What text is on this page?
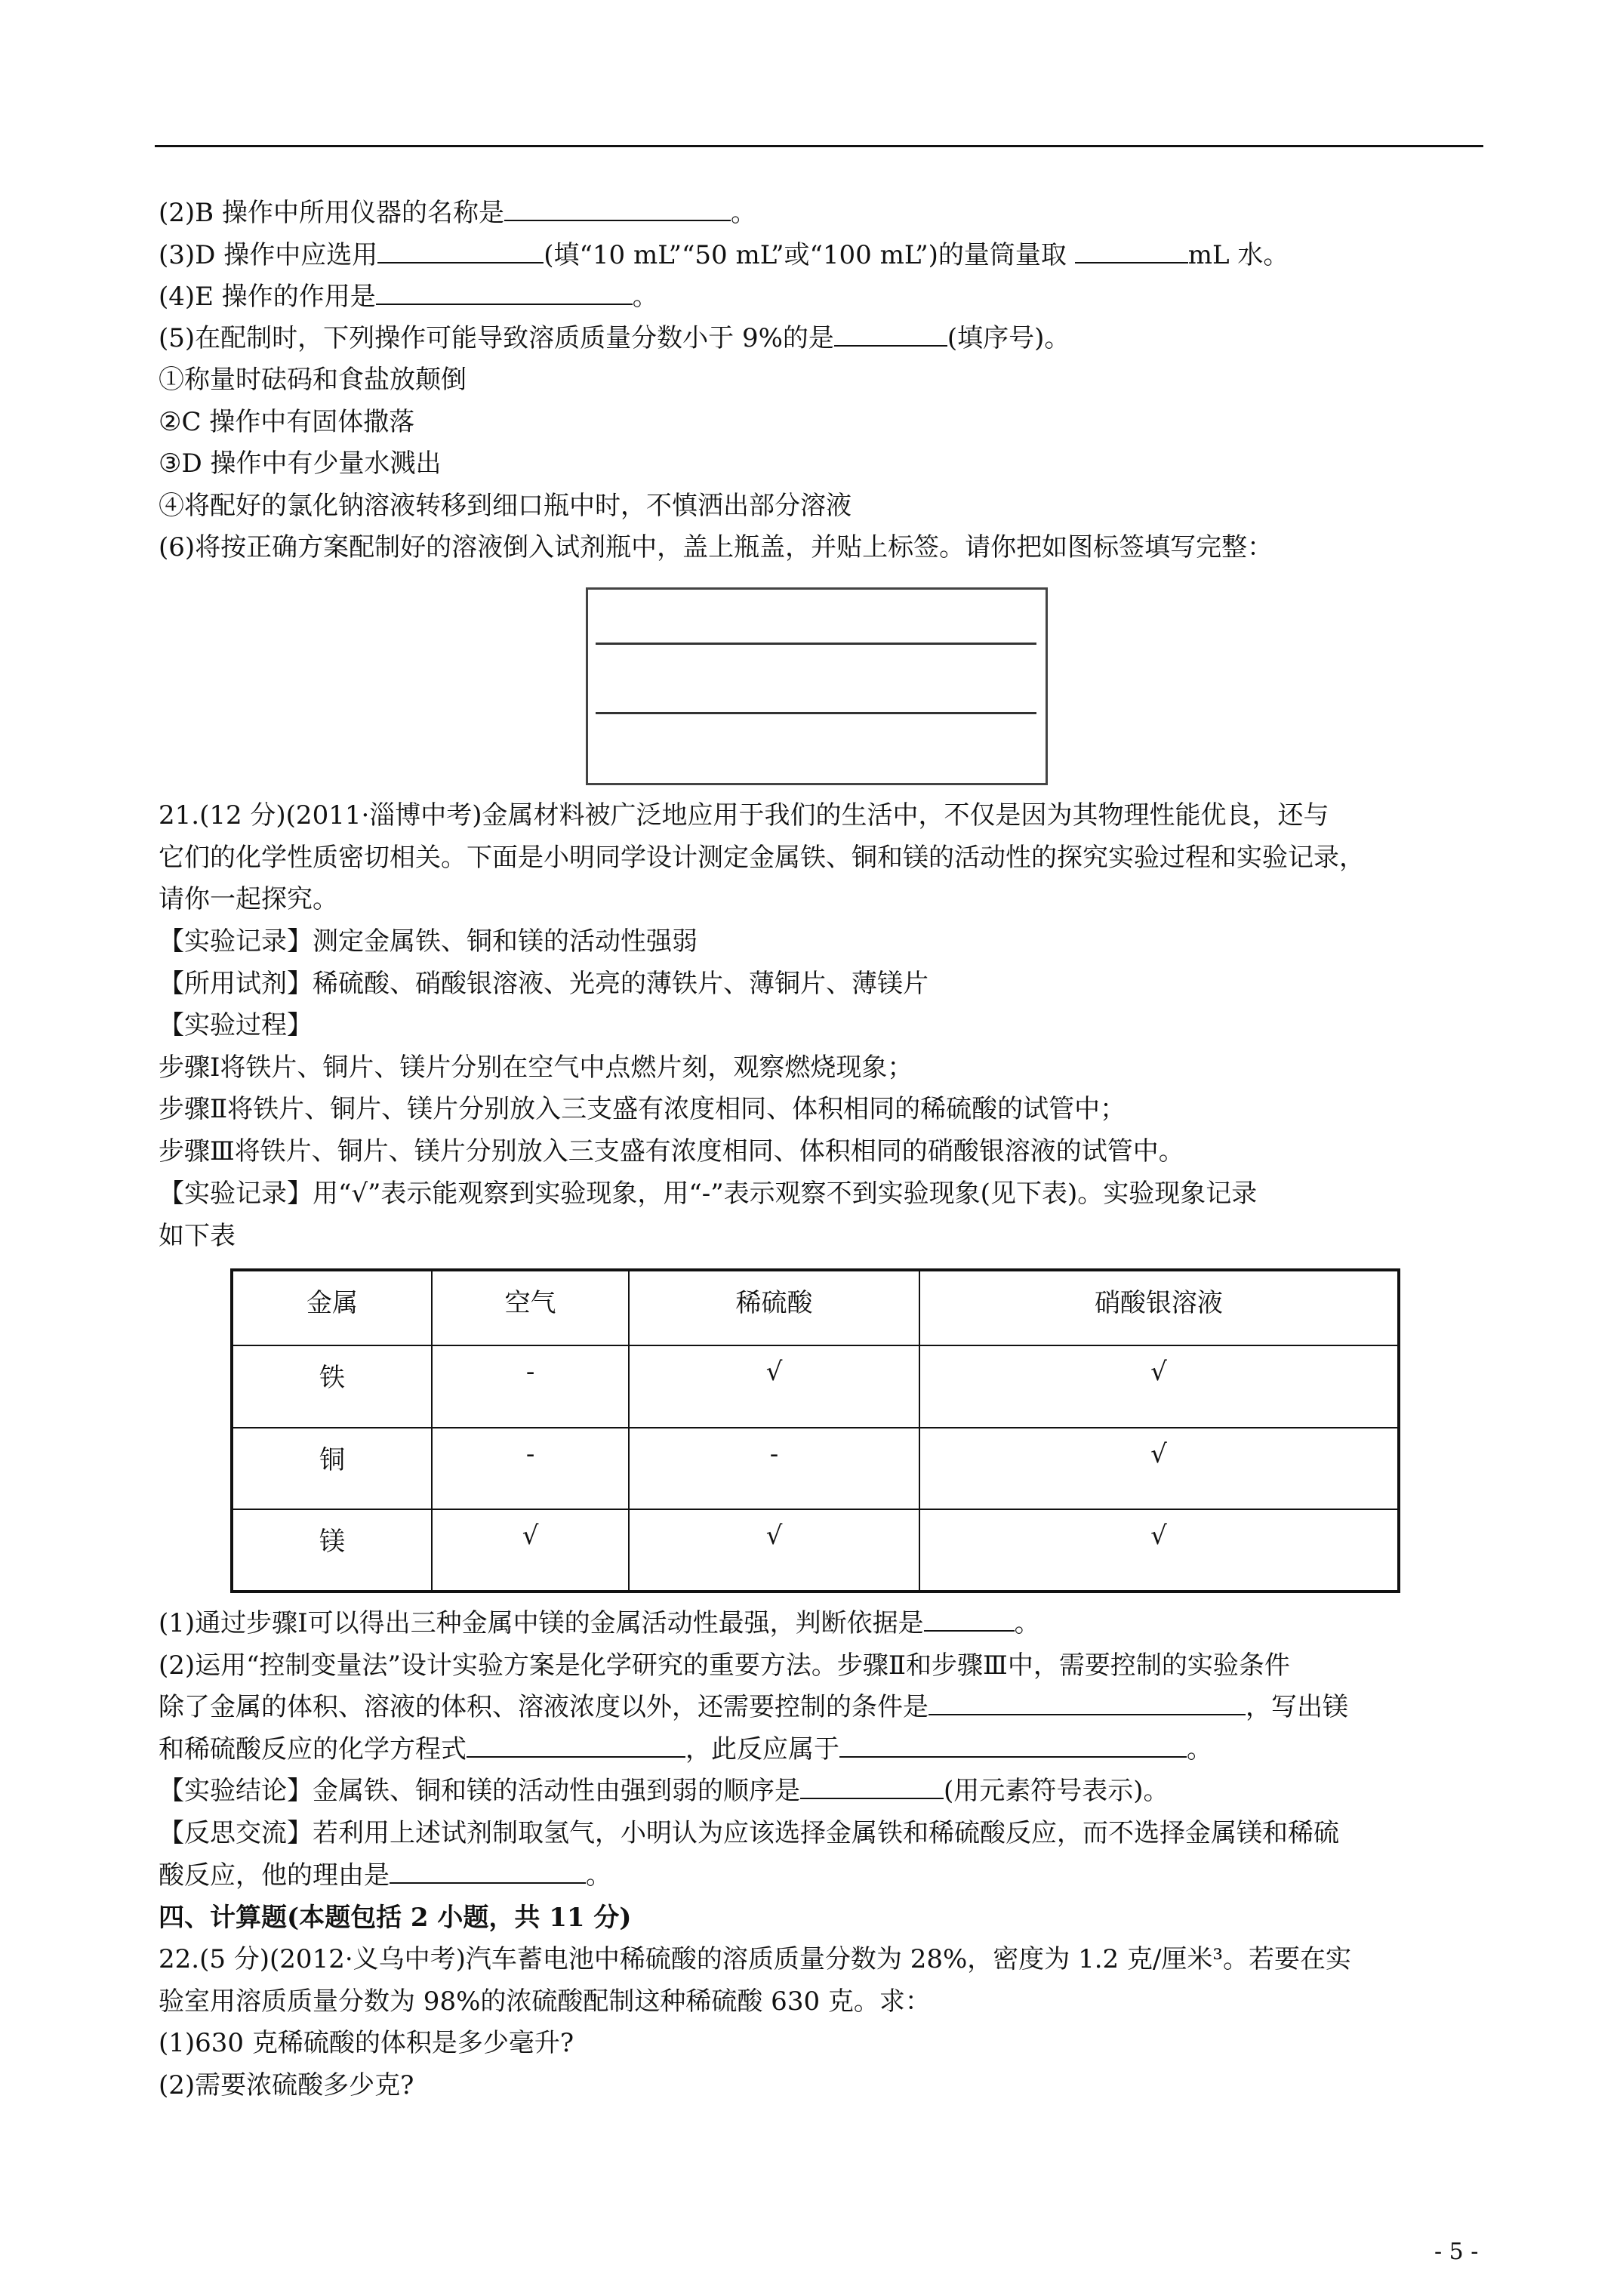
(2)B 操作中所用仪器的名称是	。
(3)D 操作中应选用	(填“10 mL”“50 mL”或“100 mL”)的量筒量取	mL 水。
(4)E 操作的作用是	。
(5)在配制时，下列操作可能导致溶质质量分数小于 9%的是	(填序号)。
①称量时砝码和食盐放颠倒
②C 操作中有固体撒落
③D 操作中有少量水溅出
④将配好的氯化钠溶液转移到细口瓶中时，不慎洒出部分溶液
(6)将按正确方案配制好的溶液倒入试剂瓶中，盖上瓶盖，并贴上标签。请你把如图标签填写完整：
21.(12 分)(2011·淄博中考)金属材料被广泛地应用于我们的生活中，不仅是因为其物理性能优良，还与
它们的化学性质密切相关。下面是小明同学设计测定金属铁、铜和镁的活动性的探究实验过程和实验记录，
请你一起探究。
【实验记录】测定金属铁、铜和镁的活动性强弱
【所用试剂】稀硫酸、硝酸银溶液、光亮的薄铁片、薄铜片、薄镁片
【实验过程】
步骤Ⅰ将铁片、铜片、镁片分别在空气中点燃片刻，观察燃烧现象；
步骤Ⅱ将铁片、铜片、镁片分别放入三支盛有浓度相同、体积相同的稀硫酸的试管中；
步骤Ⅲ将铁片、铜片、镁片分别放入三支盛有浓度相同、体积相同的硝酸银溶液的试管中。
【实验记录】用“√”表示能观察到实验现象，用“-”表示观察不到实验现象(见下表)。实验现象记录
如下表
金属	空气	稀硫酸	硝酸银溶液
铁	-	√	√
铜	-	-	√
镁	√	√	√
(1)通过步骤Ⅰ可以得出三种金属中镁的金属活动性最强，判断依据是	。
(2)运用“控制变量法”设计实验方案是化学研究的重要方法。步骤Ⅱ和步骤Ⅲ中，需要控制的实验条件
除了金属的体积、溶液的体积、溶液浓度以外，还需要控制的条件是	，写出镁
和稀硫酸反应的化学方程式	，此反应属于	。
【实验结论】金属铁、铜和镁的活动性由强到弱的顺序是	(用元素符号表示)。
【反思交流】若利用上述试剂制取氢气，小明认为应该选择金属铁和稀硫酸反应，而不选择金属镁和稀硫
酸反应，他的理由是	。
四、计算题(本题包括 2 小题，共 11 分)
22.(5 分)(2012·义乌中考)汽车蓄电池中稀硫酸的溶质质量分数为 28%，密度为 1.2 克/厘米³。若要在实
验室用溶质质量分数为 98%的浓硫酸配制这种稀硫酸 630 克。求：
(1)630 克稀硫酸的体积是多少毫升?
(2)需要浓硫酸多少克?
- 5 -
